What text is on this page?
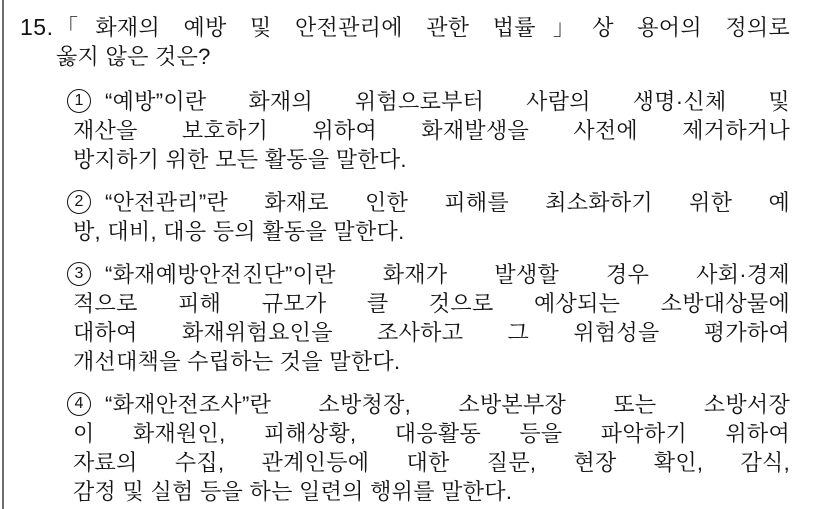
15. 「화재의 예방 및 안전관리에 관한 법률」상 용어의 정의로
옳지 않은 것은?
1 “예방”이란 화재의 위험으로부터 사람의 생명·신체 및
재산을 보호하기 위하여 화재발생을 사전에 제거하거나
방지하기 위한 모든 활동을 말한다.
2 “안전관리”란 화재로 인한 피해를 최소화하기 위한 예
방, 대비, 대응 등의 활동을 말한다.
3 “화재예방안전진단”이란 화재가 발생할 경우 사회·경제
적으로 피해 규모가 클 것으로 예상되는 소방대상물에
대하여 화재위험요인을 조사하고 그 위험성을 평가하여
개선대책을 수립하는 것을 말한다.
4 “화재안전조사”란 소방청장, 소방본부장 또는 소방서장
이 화재원인, 피해상황, 대응활동 등을 파악하기 위하여
자료의 수집, 관계인등에 대한 질문, 현장 확인, 감식,
감정 및 실험 등을 하는 일련의 행위를 말한다.
